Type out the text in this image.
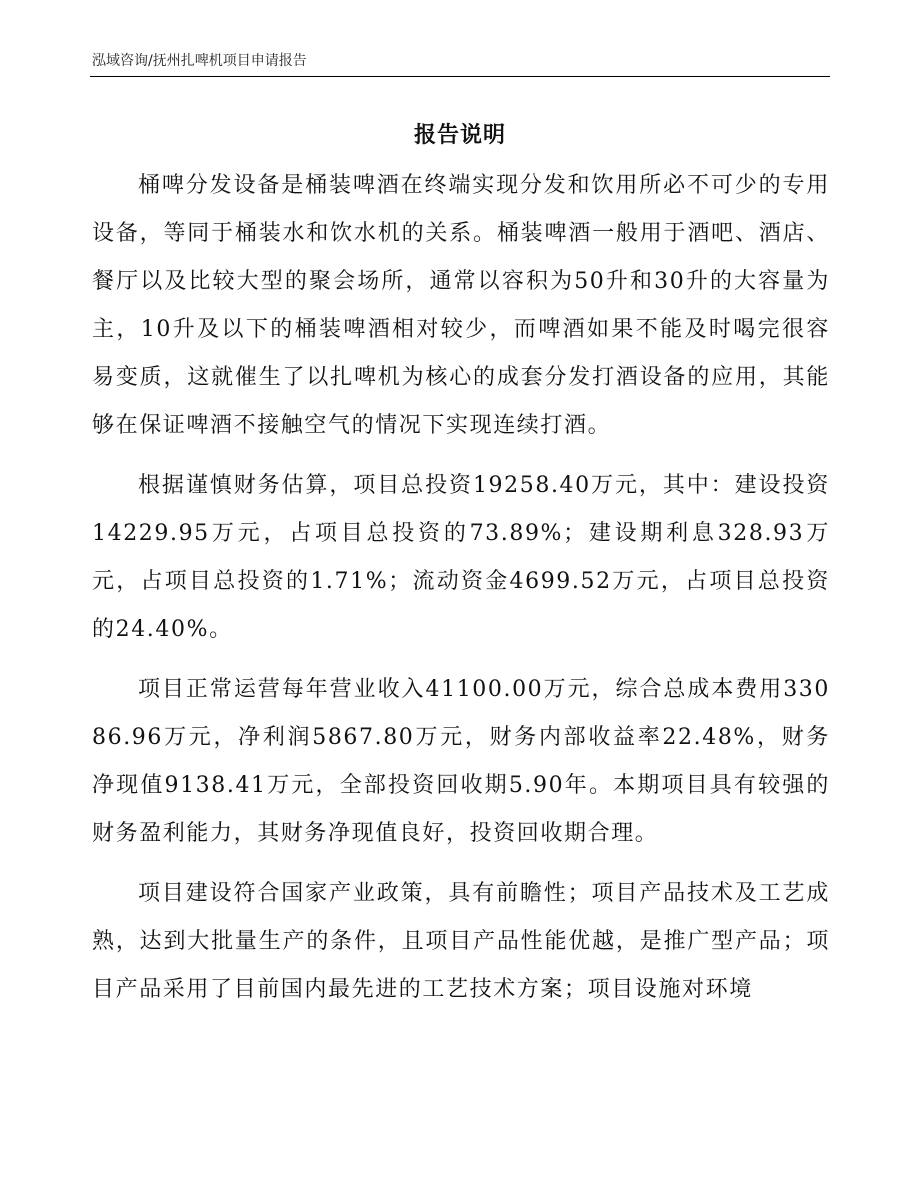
泓域咨询/抚州扎啤机项目申请报告
报告说明

桶啤分发设备是桶装啤酒在终端实现分发和饮用所必不可少的专用设备，等同于桶装水和饮水机的关系。桶装啤酒一般用于酒吧、酒店、餐厅以及比较大型的聚会场所，通常以容积为50升和30升的大容量为主，10升及以下的桶装啤酒相对较少，而啤酒如果不能及时喝完很容易变质，这就催生了以扎啤机为核心的成套分发打酒设备的应用，其能够在保证啤酒不接触空气的情况下实现连续打酒。

根据谨慎财务估算，项目总投资19258.40万元，其中：建设投资14229.95万元，占项目总投资的73.89%；建设期利息328.93万元，占项目总投资的1.71%；流动资金4699.52万元，占项目总投资的24.40%。

项目正常运营每年营业收入41100.00万元，综合总成本费用33086.96万元，净利润5867.80万元，财务内部收益率22.48%，财务净现值9138.41万元，全部投资回收期5.90年。本期项目具有较强的财务盈利能力，其财务净现值良好，投资回收期合理。

项目建设符合国家产业政策，具有前瞻性；项目产品技术及工艺成熟，达到大批量生产的条件，且项目产品性能优越，是推广型产品；项目产品采用了目前国内最先进的工艺技术方案；项目设施对环境
